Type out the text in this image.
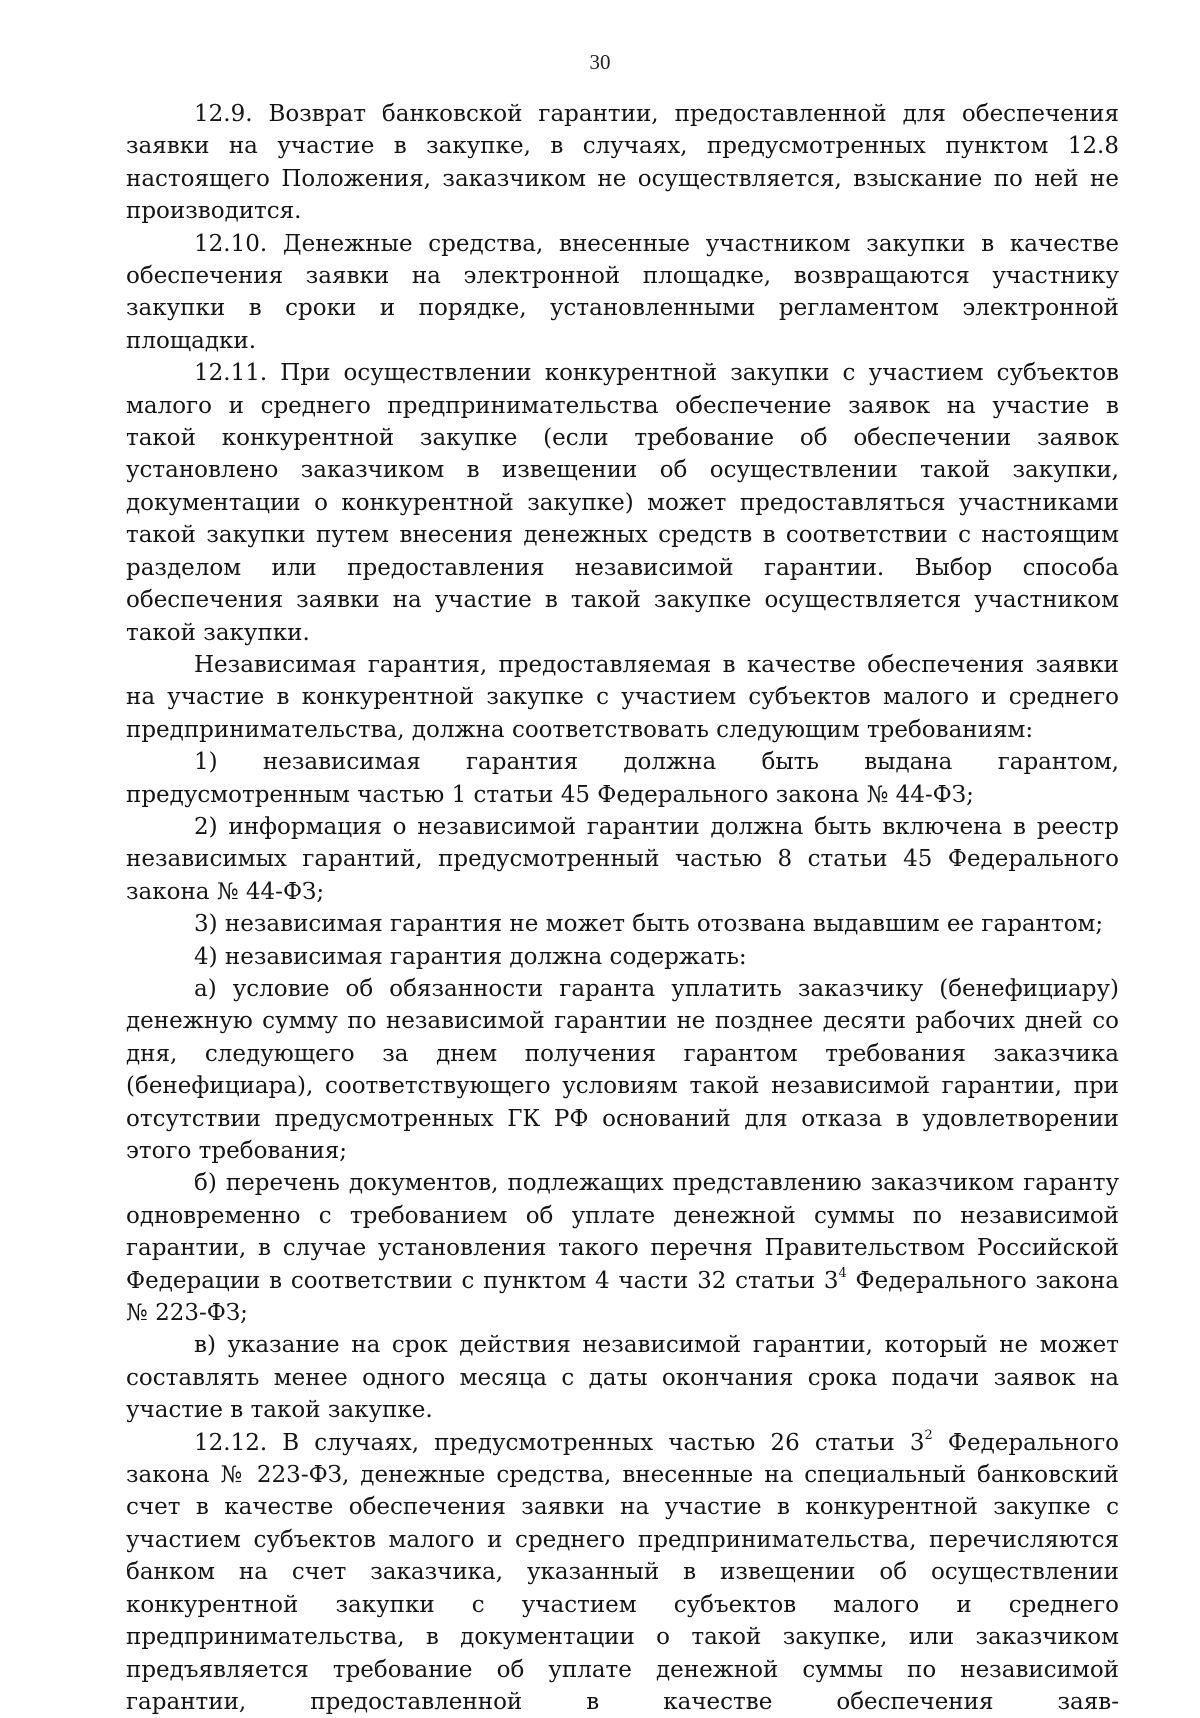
30

12.9. Возврат банковской гарантии, предоставленной для обеспечения заявки на участие в закупке, в случаях, предусмотренных пунктом 12.8 настоящего Положения, заказчиком не осуществляется, взыскание по ней не производится.

12.10. Денежные средства, внесенные участником закупки в качестве обеспечения заявки на электронной площадке, возвращаются участнику закупки в сроки и порядке, установленными регламентом электронной площадки.

12.11. При осуществлении конкурентной закупки с участием субъектов малого и среднего предпринимательства обеспечение заявок на участие в такой конкурентной закупке (если требование об обеспечении заявок установлено заказчиком в извещении об осуществлении такой закупки, документации о конкурентной закупке) может предоставляться участниками такой закупки путем внесения денежных средств в соответствии с настоящим разделом или предоставления независимой гарантии. Выбор способа обеспечения заявки на участие в такой закупке осуществляется участником такой закупки.

Независимая гарантия, предоставляемая в качестве обеспечения заявки на участие в конкурентной закупке с участием субъектов малого и среднего предпринимательства, должна соответствовать следующим требованиям:

1) независимая гарантия должна быть выдана гарантом, предусмотренным частью 1 статьи 45 Федерального закона № 44-ФЗ;

2) информация о независимой гарантии должна быть включена в реестр независимых гарантий, предусмотренный частью 8 статьи 45 Федерального закона № 44-ФЗ;

3) независимая гарантия не может быть отозвана выдавшим ее гарантом;

4) независимая гарантия должна содержать:

а) условие об обязанности гаранта уплатить заказчику (бенефициару) денежную сумму по независимой гарантии не позднее десяти рабочих дней со дня, следующего за днем получения гарантом требования заказчика (бенефициара), соответствующего условиям такой независимой гарантии, при отсутствии предусмотренных ГК РФ оснований для отказа в удовлетворении этого требования;

б) перечень документов, подлежащих представлению заказчиком гаранту одновременно с требованием об уплате денежной суммы по независимой гарантии, в случае установления такого перечня Правительством Российской Федерации в соответствии с пунктом 4 части 32 статьи $3^4$ Федерального закона № 223-ФЗ;

в) указание на срок действия независимой гарантии, который не может составлять менее одного месяца с даты окончания срока подачи заявок на участие в такой закупке.

12.12. В случаях, предусмотренных частью 26 статьи $3^2$ Федерального закона № 223-ФЗ, денежные средства, внесенные на специальный банковский счет в качестве обеспечения заявки на участие в конкурентной закупке с участием субъектов малого и среднего предпринимательства, перечисляются банком на счет заказчика, указанный в извещении об осуществлении конкурентной закупки с участием субъектов малого и среднего предпринимательства, в документации о такой закупке, или заказчиком предъявляется требование об уплате денежной суммы по независимой гарантии, предоставленной в качестве обеспечения заяв-
